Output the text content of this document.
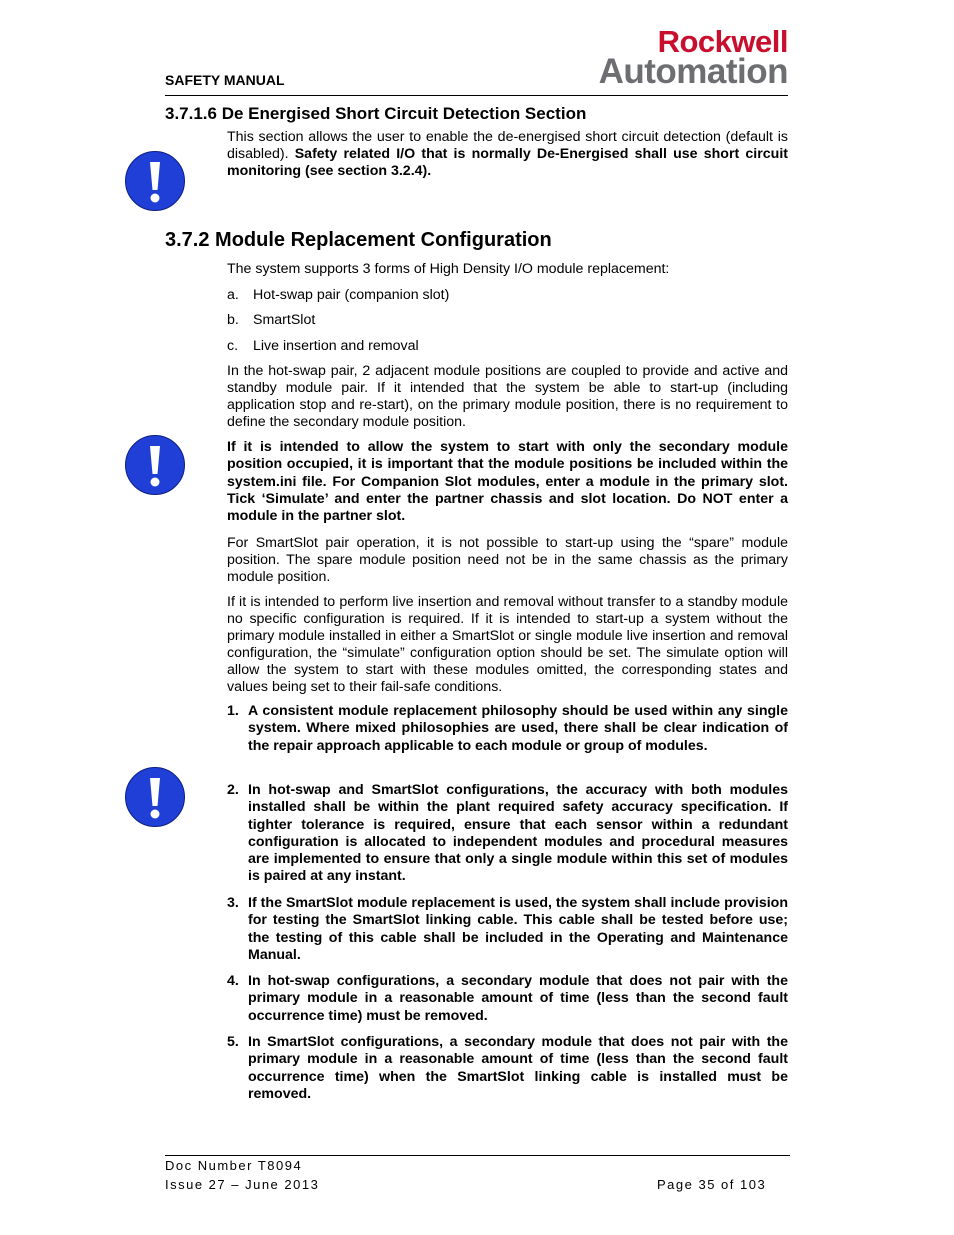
SAFETY MANUAL
Rockwell
Automation
3.7.1.6 De Energised Short Circuit Detection Section

This section allows the user to enable the de-energised short circuit detection (default is disabled). Safety related I/O that is normally De-Energised shall use short circuit monitoring (see section 3.2.4).

3.7.2 Module Replacement Configuration

The system supports 3 forms of High Density I/O module replacement:

a. Hot-swap pair (companion slot)
b. SmartSlot
c. Live insertion and removal

In the hot-swap pair, 2 adjacent module positions are coupled to provide and active and standby module pair. If it intended that the system be able to start-up (including application stop and re-start), on the primary module position, there is no requirement to define the secondary module position.

If it is intended to allow the system to start with only the secondary module position occupied, it is important that the module positions be included within the system.ini file. For Companion Slot modules, enter a module in the primary slot. Tick ‘Simulate’ and enter the partner chassis and slot location. Do NOT enter a module in the partner slot.

For SmartSlot pair operation, it is not possible to start-up using the “spare” module position. The spare module position need not be in the same chassis as the primary module position.

If it is intended to perform live insertion and removal without transfer to a standby module no specific configuration is required. If it is intended to start-up a system without the primary module installed in either a SmartSlot or single module live insertion and removal configuration, the “simulate” configuration option should be set. The simulate option will allow the system to start with these modules omitted, the corresponding states and values being set to their fail-safe conditions.

1. A consistent module replacement philosophy should be used within any single system. Where mixed philosophies are used, there shall be clear indication of the repair approach applicable to each module or group of modules.
2. In hot-swap and SmartSlot configurations, the accuracy with both modules installed shall be within the plant required safety accuracy specification. If tighter tolerance is required, ensure that each sensor within a redundant configuration is allocated to independent modules and procedural measures are implemented to ensure that only a single module within this set of modules is paired at any instant.
3. If the SmartSlot module replacement is used, the system shall include provision for testing the SmartSlot linking cable. This cable shall be tested before use; the testing of this cable shall be included in the Operating and Maintenance Manual.
4. In hot-swap configurations, a secondary module that does not pair with the primary module in a reasonable amount of time (less than the second fault occurrence time) must be removed.
5. In SmartSlot configurations, a secondary module that does not pair with the primary module in a reasonable amount of time (less than the second fault occurrence time) when the SmartSlot linking cable is installed must be removed.
Doc Number T8094
Issue 27 – June 2013	Page 35 of 103
